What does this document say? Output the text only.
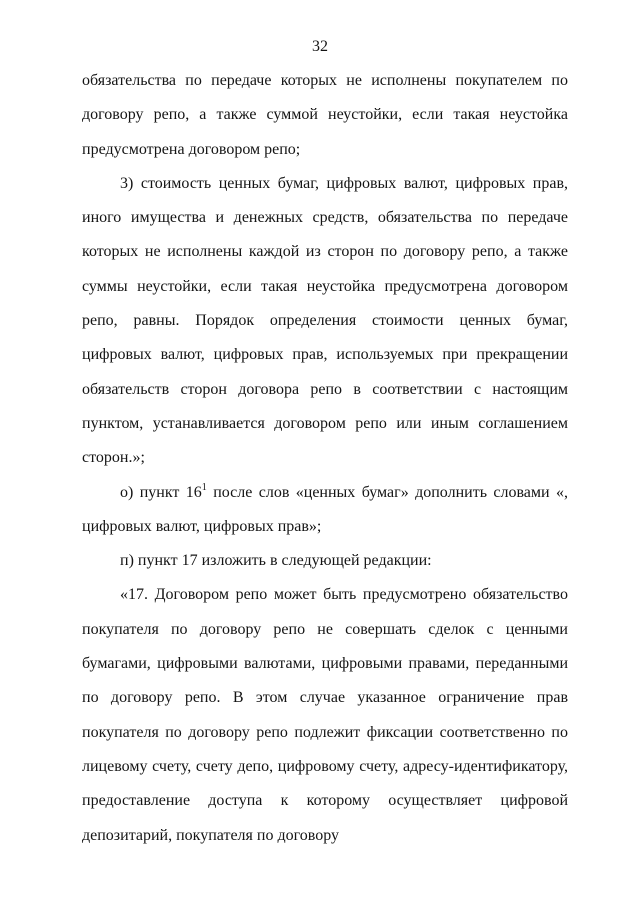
32

обязательства по передаче которых не исполнены покупателем по договору репо, а также суммой неустойки, если такая неустойка предусмотрена договором репо;

3) стоимость ценных бумаг, цифровых валют, цифровых прав, иного имущества и денежных средств, обязательства по передаче которых не исполнены каждой из сторон по договору репо, а также суммы неустойки, если такая неустойка предусмотрена договором репо, равны. Порядок определения стоимости ценных бумаг, цифровых валют, цифровых прав, используемых при прекращении обязательств сторон договора репо в соответствии с настоящим пунктом, устанавливается договором репо или иным соглашением сторон.»;

о) пункт $16^1$ после слов «ценных бумаг» дополнить словами «, цифровых валют, цифровых прав»;

п) пункт 17 изложить в следующей редакции:

«17. Договором репо может быть предусмотрено обязательство покупателя по договору репо не совершать сделок с ценными бумагами, цифровыми валютами, цифровыми правами, переданными по договору репо. В этом случае указанное ограничение прав покупателя по договору репо подлежит фиксации соответственно по лицевому счету, счету депо, цифровому счету, адресу-идентификатору, предоставление доступа к которому осуществляет цифровой депозитарий, покупателя по договору
